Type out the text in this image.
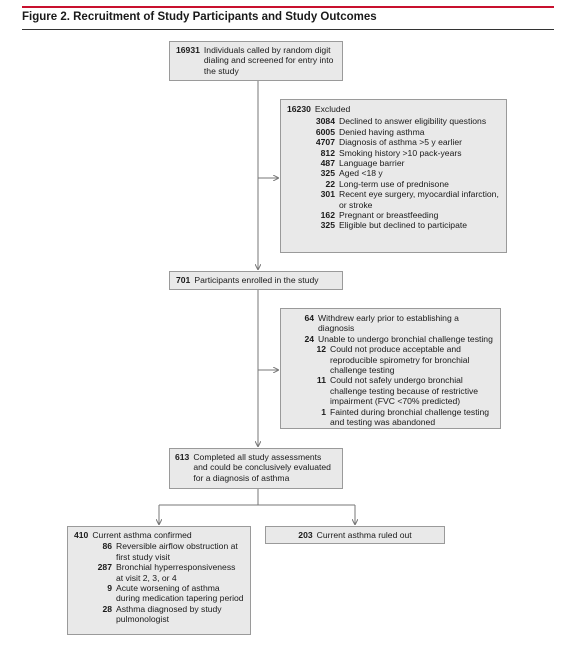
Figure 2. Recruitment of Study Participants and Study Outcomes
16931 Individuals called by random digit dialing and screened for entry into the study
16230 Excluded
3084 Declined to answer eligibility questions
6005 Denied having asthma
4707 Diagnosis of asthma >5 y earlier
812 Smoking history >10 pack-years
487 Language barrier
325 Aged <18 y
22 Long-term use of prednisone
301 Recent eye surgery, myocardial infarction, or stroke
162 Pregnant or breastfeeding
325 Eligible but declined to participate
701 Participants enrolled in the study
64 Withdrew early prior to establishing a diagnosis
24 Unable to undergo bronchial challenge testing
12 Could not produce acceptable and reproducible spirometry for bronchial challenge testing
11 Could not safely undergo bronchial challenge testing because of restrictive impairment (FVC <70% predicted)
1 Fainted during bronchial challenge testing and testing was abandoned
613 Completed all study assessments and could be conclusively evaluated for a diagnosis of asthma
410 Current asthma confirmed
86 Reversible airflow obstruction at first study visit
287 Bronchial hyperresponsiveness at visit 2, 3, or 4
9 Acute worsening of asthma during medication tapering period
28 Asthma diagnosed by study pulmonologist
203 Current asthma ruled out
